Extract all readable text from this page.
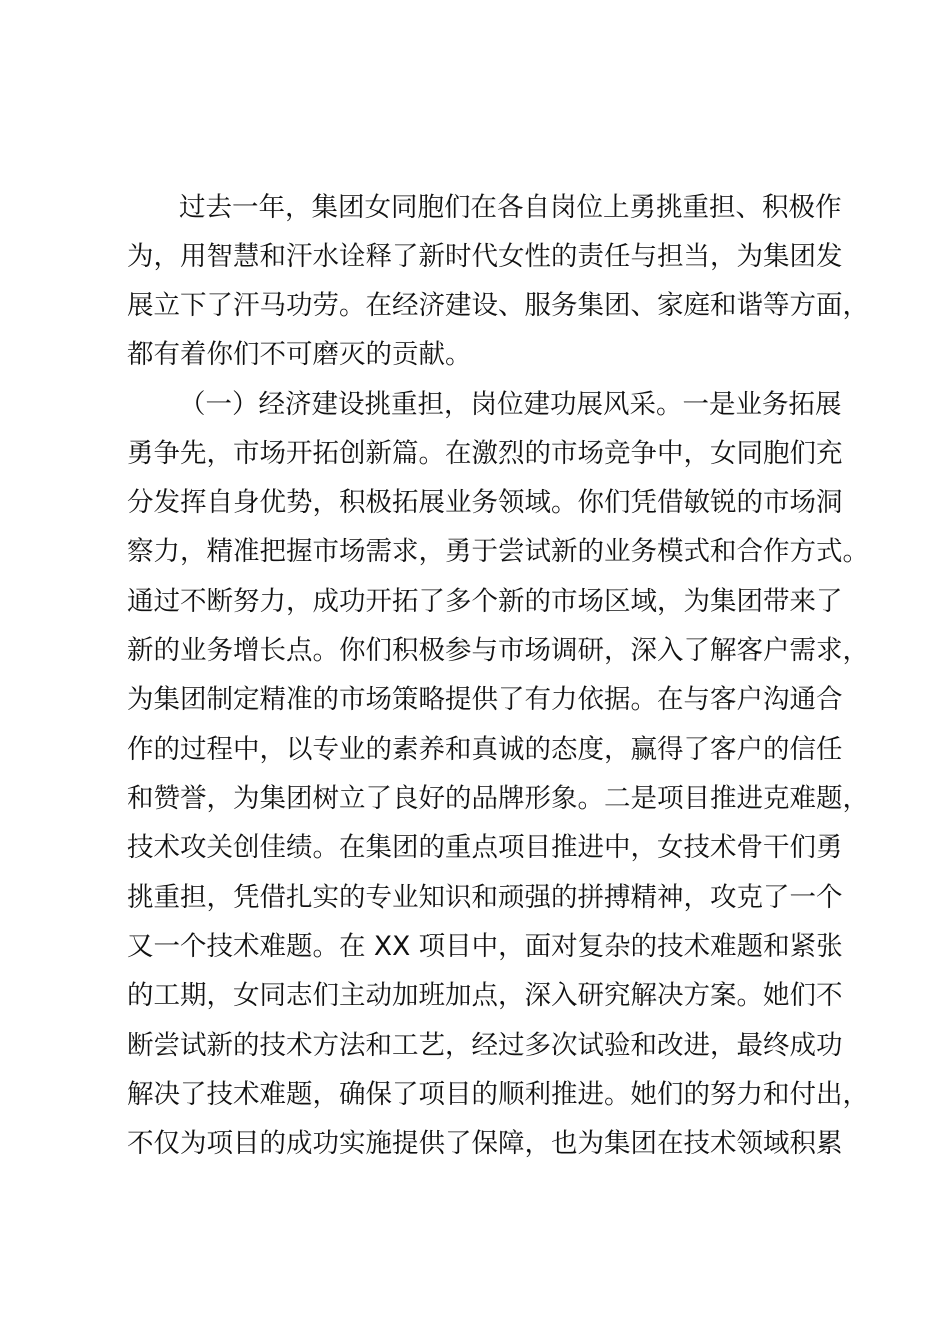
过去一年，集团女同胞们在各自岗位上勇挑重担、积极作
为，用智慧和汗水诠释了新时代女性的责任与担当，为集团发
展立下了汗马功劳。在经济建设、服务集团、家庭和谐等方面，
都有着你们不可磨灭的贡献。
（一）经济建设挑重担，岗位建功展风采。一是业务拓展
勇争先，市场开拓创新篇。在激烈的市场竞争中，女同胞们充
分发挥自身优势，积极拓展业务领域。你们凭借敏锐的市场洞
察力，精准把握市场需求，勇于尝试新的业务模式和合作方式。
通过不断努力，成功开拓了多个新的市场区域，为集团带来了
新的业务增长点。你们积极参与市场调研，深入了解客户需求，
为集团制定精准的市场策略提供了有力依据。在与客户沟通合
作的过程中，以专业的素养和真诚的态度，赢得了客户的信任
和赞誉，为集团树立了良好的品牌形象。二是项目推进克难题，
技术攻关创佳绩。在集团的重点项目推进中，女技术骨干们勇
挑重担，凭借扎实的专业知识和顽强的拼搏精神，攻克了一个
又一个技术难题。在 XX 项目中，面对复杂的技术难题和紧张
的工期，女同志们主动加班加点，深入研究解决方案。她们不
断尝试新的技术方法和工艺，经过多次试验和改进，最终成功
解决了技术难题，确保了项目的顺利推进。她们的努力和付出，
不仅为项目的成功实施提供了保障，也为集团在技术领域积累
